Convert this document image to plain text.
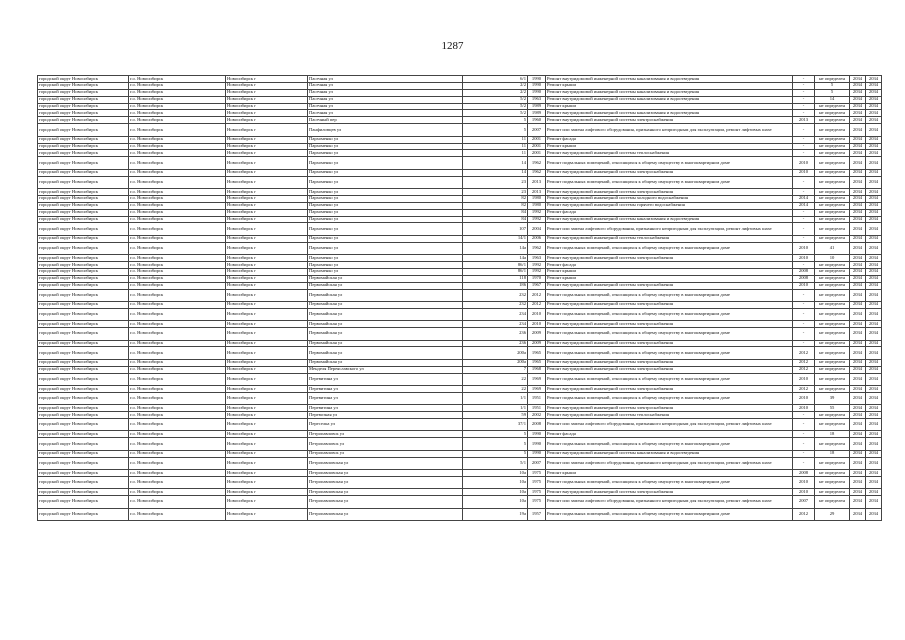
1287
городской округ Новосибирск	г.о. Новосибирск	Новосибирск г	Пасечная ул	6/1	1990	Ремонт внутридомовой инженерной системы канализования и водоотведения	-	не определен	2034	2034
городской округ Новосибирск	г.о. Новосибирск	Новосибирск г	Пасечная ул	2/2	1990	Ремонт крыши	-	5	2034	2034
городской округ Новосибирск	г.о. Новосибирск	Новосибирск г	Пасечная ул	2/2	1990	Ремонт внутридомовой инженерной системы канализования и водоотведения	-	5	2034	2034
городской округ Новосибирск	г.о. Новосибирск	Новосибирск г	Пасечная ул	5/2	1963	Ремонт внутридомовой инженерной системы канализования и водоотведения	-	14	2034	2034
городской округ Новосибирск	г.о. Новосибирск	Новосибирск г	Пасечная ул	5/2	1989	Ремонт крыши	-	не определен	2034	2034
городской округ Новосибирск	г.о. Новосибирск	Новосибирск г	Пасечная ул	5/2	1989	Ремонт внутридомовой инженерной системы канализования и водоотведения	-	не определен	2034	2034
городской округ Новосибирск	г.о. Новосибирск	Новосибирск г	Пасечный пер	5	1960	Ремонт внутридомовой инженерной системы электроснабжения	2013	не определен	2034	2034
городской округ Новосибирск	г.о. Новосибирск	Новосибирск г	Панфиловцев ул	5	2007	Ремонт или замена лифтового оборудования, признанного непригодным для эксплуатации, ремонт лифтовых шахт	-	не определен	2034	2034
городской округ Новосибирск	г.о. Новосибирск	Новосибирск г	Пархоменко ул	11	2001	Ремонт фасада	-	не определен	2034	2034
городской округ Новосибирск	г.о. Новосибирск	Новосибирск г	Пархоменко ул	11	2001	Ремонт крыши	-	не определен	2034	2034
городской округ Новосибирск	г.о. Новосибирск	Новосибирск г	Пархоменко ул	11	2001	Ремонт внутридомовой инженерной системы теплоснабжения	-	не определен	2034	2034
городской округ Новосибирск	г.о. Новосибирск	Новосибирск г	Пархоменко ул	14	1962	Ремонт подвальных помещений, относящихся к общему имуществу в многоквартирном доме	2010	не определен	2034	2034
городской округ Новосибирск	г.о. Новосибирск	Новосибирск г	Пархоменко ул	14	1962	Ремонт внутридомовой инженерной системы электроснабжения	2010	не определен	2034	2034
городской округ Новосибирск	г.о. Новосибирск	Новосибирск г	Пархоменко ул	23	2013	Ремонт подвальных помещений, относящихся к общему имуществу в многоквартирном доме	-	не определен	2034	2034
городской округ Новосибирск	г.о. Новосибирск	Новосибирск г	Пархоменко ул	23	2013	Ремонт внутридомовой инженерной системы электроснабжения	-	не определен	2034	2034
городской округ Новосибирск	г.о. Новосибирск	Новосибирск г	Пархоменко ул	82	1980	Ремонт внутридомовой инженерной системы холодного водоснабжения	2014	не определен	2034	2034
городской округ Новосибирск	г.о. Новосибирск	Новосибирск г	Пархоменко ул	82	1980	Ремонт внутридомовой инженерной системы горячего водоснабжения	2014	не определен	2034	2034
городской округ Новосибирск	г.о. Новосибирск	Новосибирск г	Пархоменко ул	84	1992	Ремонт фасада	-	не определен	2034	2034
городской округ Новосибирск	г.о. Новосибирск	Новосибирск г	Пархоменко ул	84	1992	Ремонт внутридомовой инженерной системы канализования и водоотведения	-	не определен	2034	2034
городской округ Новосибирск	г.о. Новосибирск	Новосибирск г	Пархоменко ул	107	2004	Ремонт или замена лифтового оборудования, признанного непригодным для эксплуатации, ремонт лифтовых шахт	-	не определен	2034	2034
городской округ Новосибирск	г.о. Новосибирск	Новосибирск г	Пархоменко ул	14/1	2006	Ремонт внутридомовой инженерной системы теплоснабжения	-	не определен	2034	2034
городской округ Новосибирск	г.о. Новосибирск	Новосибирск г	Пархоменко ул	14а	1962	Ремонт подвальных помещений, относящихся к общему имуществу в многоквартирном доме	2010	41	2034	2034
городской округ Новосибирск	г.о. Новосибирск	Новосибирск г	Пархоменко ул	14а	1963	Ремонт внутридомовой инженерной системы электроснабжения	2010	10	2034	2034
городской округ Новосибирск	г.о. Новосибирск	Новосибирск г	Пархоменко ул	86/1	1992	Ремонт фасада	-	не определен	2034	2034
городской округ Новосибирск	г.о. Новосибирск	Новосибирск г	Пархоменко ул	86/1	1992	Ремонт крыши	2008	не определен	2034	2034
городской округ Новосибирск	г.о. Новосибирск	Новосибирск г	Первомайская ул	118	1970	Ремонт крыши	2008	не определен	2034	2034
городской округ Новосибирск	г.о. Новосибирск	Новосибирск г	Первомайская ул	186	1967	Ремонт внутридомовой инженерной системы электроснабжения	2010	не определен	2034	2034
городской округ Новосибирск	г.о. Новосибирск	Новосибирск г	Первомайская ул	232	2012	Ремонт подвальных помещений, относящихся к общему имуществу в многоквартирном доме	-	не определен	2034	2034
городской округ Новосибирск	г.о. Новосибирск	Новосибирск г	Первомайская ул	232	2012	Ремонт внутридомовой инженерной системы электроснабжения	-	не определен	2034	2034
городской округ Новосибирск	г.о. Новосибирск	Новосибирск г	Первомайская ул	234	2010	Ремонт подвальных помещений, относящихся к общему имуществу в многоквартирном доме	-	не определен	2034	2034
городской округ Новосибирск	г.о. Новосибирск	Новосибирск г	Первомайская ул	234	2010	Ремонт внутридомовой инженерной системы электроснабжения	-	не определен	2034	2034
городской округ Новосибирск	г.о. Новосибирск	Новосибирск г	Первомайская ул	236	2009	Ремонт подвальных помещений, относящихся к общему имуществу в многоквартирном доме	-	не определен	2034	2034
городской округ Новосибирск	г.о. Новосибирск	Новосибирск г	Первомайская ул	236	2009	Ремонт внутридомовой инженерной системы электроснабжения	-	не определен	2034	2034
городской округ Новосибирск	г.о. Новосибирск	Новосибирск г	Первомайская ул	200а	1965	Ремонт подвальных помещений, относящихся к общему имуществу в многоквартирном доме	2012	не определен	2034	2034
городской округ Новосибирск	г.о. Новосибирск	Новосибирск г	Первомайская ул	200а	1965	Ремонт внутридомовой инженерной системы электроснабжения	2012	не определен	2034	2034
городской округ Новосибирск	г.о. Новосибирск	Новосибирск г	Менделя Переяславского ул	7	1968	Ремонт внутридомовой инженерной системы электроснабжения	2012	не определен	2034	2034
городской округ Новосибирск	г.о. Новосибирск	Новосибирск г	Перевитина ул	22	1969	Ремонт подвальных помещений, относящихся к общему имуществу в многоквартирном доме	2010	не определен	2034	2034
городской округ Новосибирск	г.о. Новосибирск	Новосибирск г	Перевитина ул	22	1969	Ремонт внутридомовой инженерной системы электроснабжения	2012	не определен	2034	2034
городской округ Новосибирск	г.о. Новосибирск	Новосибирск г	Перевитина ул	1/1	1951	Ремонт подвальных помещений, относящихся к общему имуществу в многоквартирном доме	2010	39	2034	2034
городской округ Новосибирск	г.о. Новосибирск	Новосибирск г	Перевитина ул	1/1	1951	Ремонт внутридомовой инженерной системы электроснабжения	2010	55	2034	2034
городской округ Новосибирск	г.о. Новосибирск	Новосибирск г	Перевозная ул	59	2002	Ремонт внутридомовой инженерной системы теплоснабжения	-	не определен	2034	2034
городской округ Новосибирск	г.о. Новосибирск	Новосибирск г	Переселка ул	37/1	2008	Ремонт или замена лифтового оборудования, признанного непригодным для эксплуатации, ремонт лифтовых шахт	-	не определен	2034	2034
городской округ Новосибирск	г.о. Новосибирск	Новосибирск г	Петропавловск ул	5	1990	Ремонт фасада	-	18	2034	2034
городской округ Новосибирск	г.о. Новосибирск	Новосибирск г	Петропавловск ул	5	1990	Ремонт подвальных помещений, относящихся к общему имуществу в многоквартирном доме	-	не определен	2034	2034
городской округ Новосибирск	г.о. Новосибирск	Новосибирск г	Петропавловск ул	5	1990	Ремонт внутридомовой инженерной системы канализования и водоотведения	-	18	2034	2034
городской округ Новосибирск	г.о. Новосибирск	Новосибирск г	Петропавловская ул	5/1	2007	Ремонт или замена лифтового оборудования, признанного непригодным для эксплуатации, ремонт лифтовых шахт	-	не определен	2034	2034
городской округ Новосибирск	г.о. Новосибирск	Новосибирск г	Петропавловская ул	10а	1975	Ремонт крыши	2008	не определен	2034	2034
городской округ Новосибирск	г.о. Новосибирск	Новосибирск г	Петропавловская ул	10а	1975	Ремонт подвальных помещений, относящихся к общему имуществу в многоквартирном доме	2010	не определен	2034	2034
городской округ Новосибирск	г.о. Новосибирск	Новосибирск г	Петропавловская ул	10а	1975	Ремонт внутридомовой инженерной системы электроснабжения	2010	не определен	2034	2034
городской округ Новосибирск	г.о. Новосибирск	Новосибирск г	Петропавловская ул	10а	1975	Ремонт или замена лифтового оборудования, признанного непригодным для эксплуатации, ремонт лифтовых шахт	2007	не определен	2034	2034
городской округ Новосибирск	г.о. Новосибирск	Новосибирск г	Петропавловская ул	19а	1957	Ремонт подвальных помещений, относящихся к общему имуществу в многоквартирном доме	2012	29	2034	2034
